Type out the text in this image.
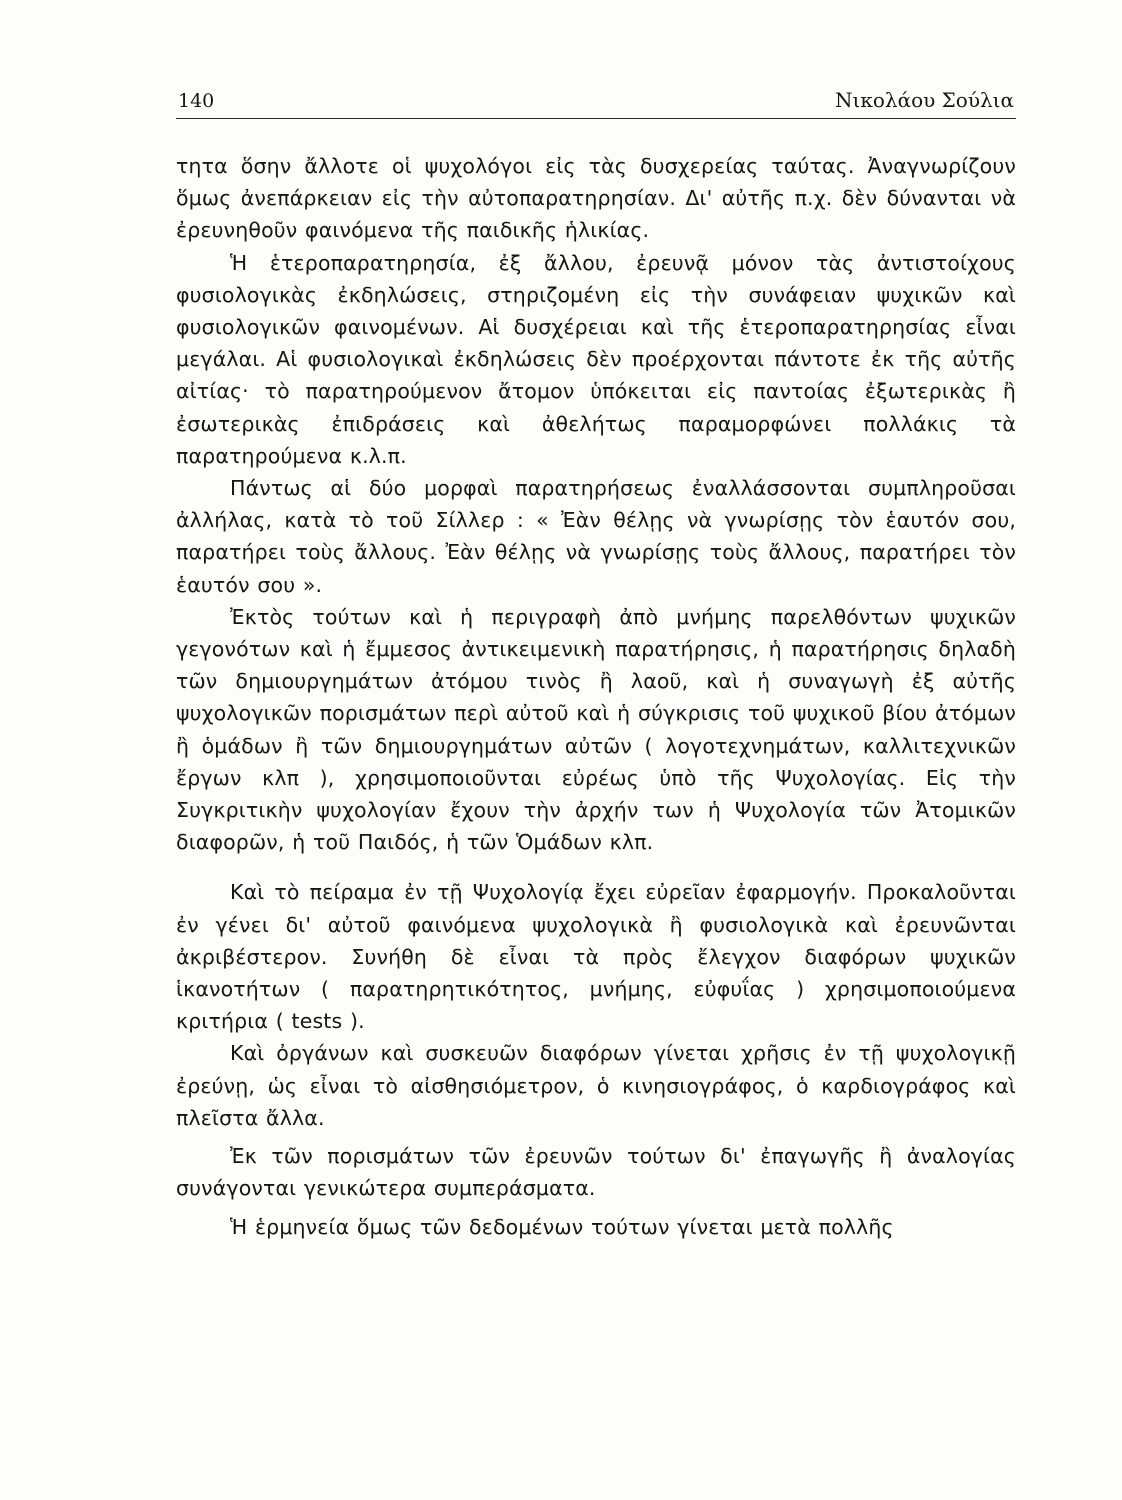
140	Νικολάου Σούλια

τητα ὅσην ἄλλοτε οἱ ψυχολόγοι εἰς τὰς δυσχερείας ταύτας. Ἀναγνωρίζουν ὅμως ἀνεπάρκειαν εἰς τὴν αὐτοπαρατηρησίαν. Δι' αὐτῆς π.χ. δὲν δύνανται νὰ ἐρευνηθοῦν φαινόμενα τῆς παιδικῆς ἡλικίας.

Ἡ ἑτεροπαρατηρησία, ἐξ ἄλλου, ἐρευνᾷ μόνον τὰς ἀντιστοίχους φυσιολογικὰς ἐκδηλώσεις, στηριζομένη εἰς τὴν συνάφειαν ψυχικῶν καὶ φυσιολογικῶν φαινομένων. Αἱ δυσχέρειαι καὶ τῆς ἑτεροπαρατηρησίας εἶναι μεγάλαι. Αἱ φυσιολογικαὶ ἐκδηλώσεις δὲν προέρχονται πάντοτε ἐκ τῆς αὐτῆς αἰτίας· τὸ παρατηρούμενον ἄτομον ὑπόκειται εἰς παντοίας ἐξωτερικὰς ἢ ἐσωτερικὰς ἐπιδράσεις καὶ ἀθελήτως παραμορφώνει πολλάκις τὰ παρατηρούμενα κ.λ.π.

Πάντως αἱ δύο μορφαὶ παρατηρήσεως ἐναλλάσσονται συμπληροῦσαι ἀλλήλας, κατὰ τὸ τοῦ Σίλλερ : « Ἐὰν θέλῃς νὰ γνωρίσῃς τὸν ἑαυτόν σου, παρατήρει τοὺς ἄλλους. Ἐὰν θέλῃς νὰ γνωρίσῃς τοὺς ἄλλους, παρατήρει τὸν ἑαυτόν σου ».

Ἐκτὸς τούτων καὶ ἡ περιγραφὴ ἀπὸ μνήμης παρελθόντων ψυχικῶν γεγονότων καὶ ἡ ἔμμεσος ἀντικειμενικὴ παρατήρησις, ἡ παρατήρησις δηλαδὴ τῶν δημιουργημάτων ἀτόμου τινὸς ἢ λαοῦ, καὶ ἡ συναγωγὴ ἐξ αὐτῆς ψυχολογικῶν πορισμάτων περὶ αὐτοῦ καὶ ἡ σύγκρισις τοῦ ψυχικοῦ βίου ἀτόμων ἢ ὁμάδων ἢ τῶν δημιουργημάτων αὐτῶν ( λογοτεχνημάτων, καλλιτεχνικῶν ἔργων κλπ ), χρησιμοποιοῦνται εὐρέως ὑπὸ τῆς Ψυχολογίας. Εἰς τὴν Συγκριτικὴν ψυχολογίαν ἔχουν τὴν ἀρχήν των ἡ Ψυχολογία τῶν Ἀτομικῶν διαφορῶν, ἡ τοῦ Παιδός, ἡ τῶν Ὁμάδων κλπ.

Καὶ τὸ πείραμα ἐν τῇ Ψυχολογίᾳ ἔχει εὐρεῖαν ἐφαρμογήν. Προκαλοῦνται ἐν γένει δι' αὐτοῦ φαινόμενα ψυχολογικὰ ἢ φυσιολογικὰ καὶ ἐρευνῶνται ἀκριβέστερον. Συνήθη δὲ εἶναι τὰ πρὸς ἔλεγχον διαφόρων ψυχικῶν ἱκανοτήτων ( παρατηρητικότητος, μνήμης, εὐφυΐας ) χρησιμοποιούμενα κριτήρια ( tests ).

Καὶ ὀργάνων καὶ συσκευῶν διαφόρων γίνεται χρῆσις ἐν τῇ ψυχολογικῇ ἐρεύνῃ, ὡς εἶναι τὸ αἰσθησιόμετρον, ὁ κινησιογράφος, ὁ καρδιογράφος καὶ πλεῖστα ἄλλα.

Ἐκ τῶν πορισμάτων τῶν ἐρευνῶν τούτων δι' ἐπαγωγῆς ἢ ἀναλογίας συνάγονται γενικώτερα συμπεράσματα.

Ἡ ἑρμηνεία ὅμως τῶν δεδομένων τούτων γίνεται μετὰ πολλῆς
